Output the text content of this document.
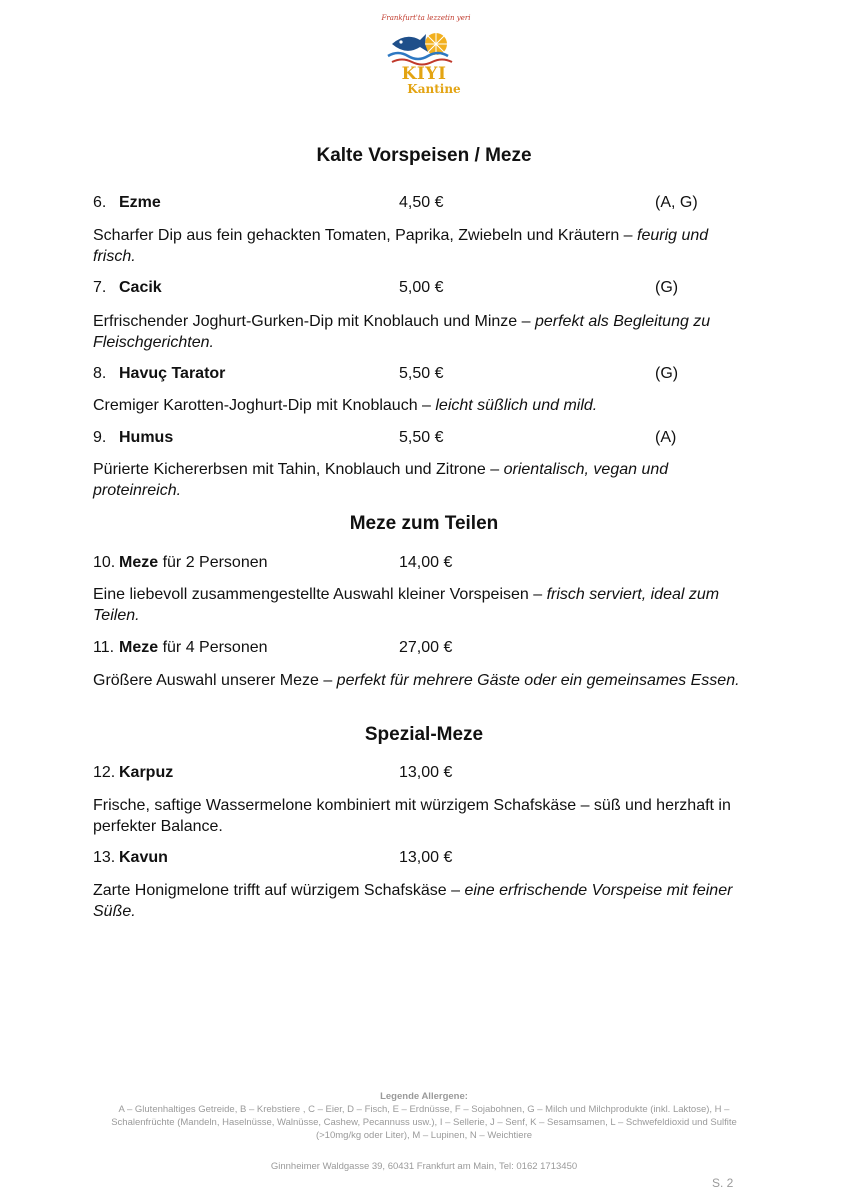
Frankfurt'ta lezzetin yeri
KIYI
Kantine
Kalte Vorspeisen / Meze
6. Ezme	4,50 €	(A, G)

Scharfer Dip aus fein gehackten Tomaten, Paprika, Zwiebeln und Kräutern – feurig und frisch.

7. Cacik	5,00 €	(G)

Erfrischender Joghurt-Gurken-Dip mit Knoblauch und Minze – perfekt als Begleitung zu Fleischgerichten.

8. Havuç Tarator	5,50 €	(G)

Cremiger Karotten-Joghurt-Dip mit Knoblauch – leicht süßlich und mild.

9. Humus	5,50 €	(A)

Pürierte Kichererbsen mit Tahin, Knoblauch und Zitrone – orientalisch, vegan und proteinreich.

Meze zum Teilen
10. Meze für 2 Personen	14,00 €

Eine liebevoll zusammengestellte Auswahl kleiner Vorspeisen – frisch serviert, ideal zum Teilen.

11. Meze für 4 Personen	27,00 €

Größere Auswahl unserer Meze – perfekt für mehrere Gäste oder ein gemeinsames Essen.

Spezial-Meze
12. Karpuz	13,00 €

Frische, saftige Wassermelone kombiniert mit würzigem Schafskäse – süß und herzhaft in perfekter Balance.

13. Kavun	13,00 €

Zarte Honigmelone trifft auf würzigem Schafskäse – eine erfrischende Vorspeise mit feiner Süße.

Legende Allergene:
A – Glutenhaltiges Getreide, B – Krebstiere , C – Eier, D – Fisch, E – Erdnüsse, F – Sojabohnen, G – Milch und Milchprodukte (inkl. Laktose), H – Schalenfrüchte (Mandeln, Haselnüsse, Walnüsse, Cashew, Pecannuss usw.), I – Sellerie, J – Senf, K – Sesamsamen, L – Schwefeldioxid und Sulfite (>10mg/kg oder Liter), M – Lupinen, N – Weichtiere
Ginnheimer Waldgasse 39, 60431 Frankfurt am Main, Tel: 0162 1713450
S. 2
